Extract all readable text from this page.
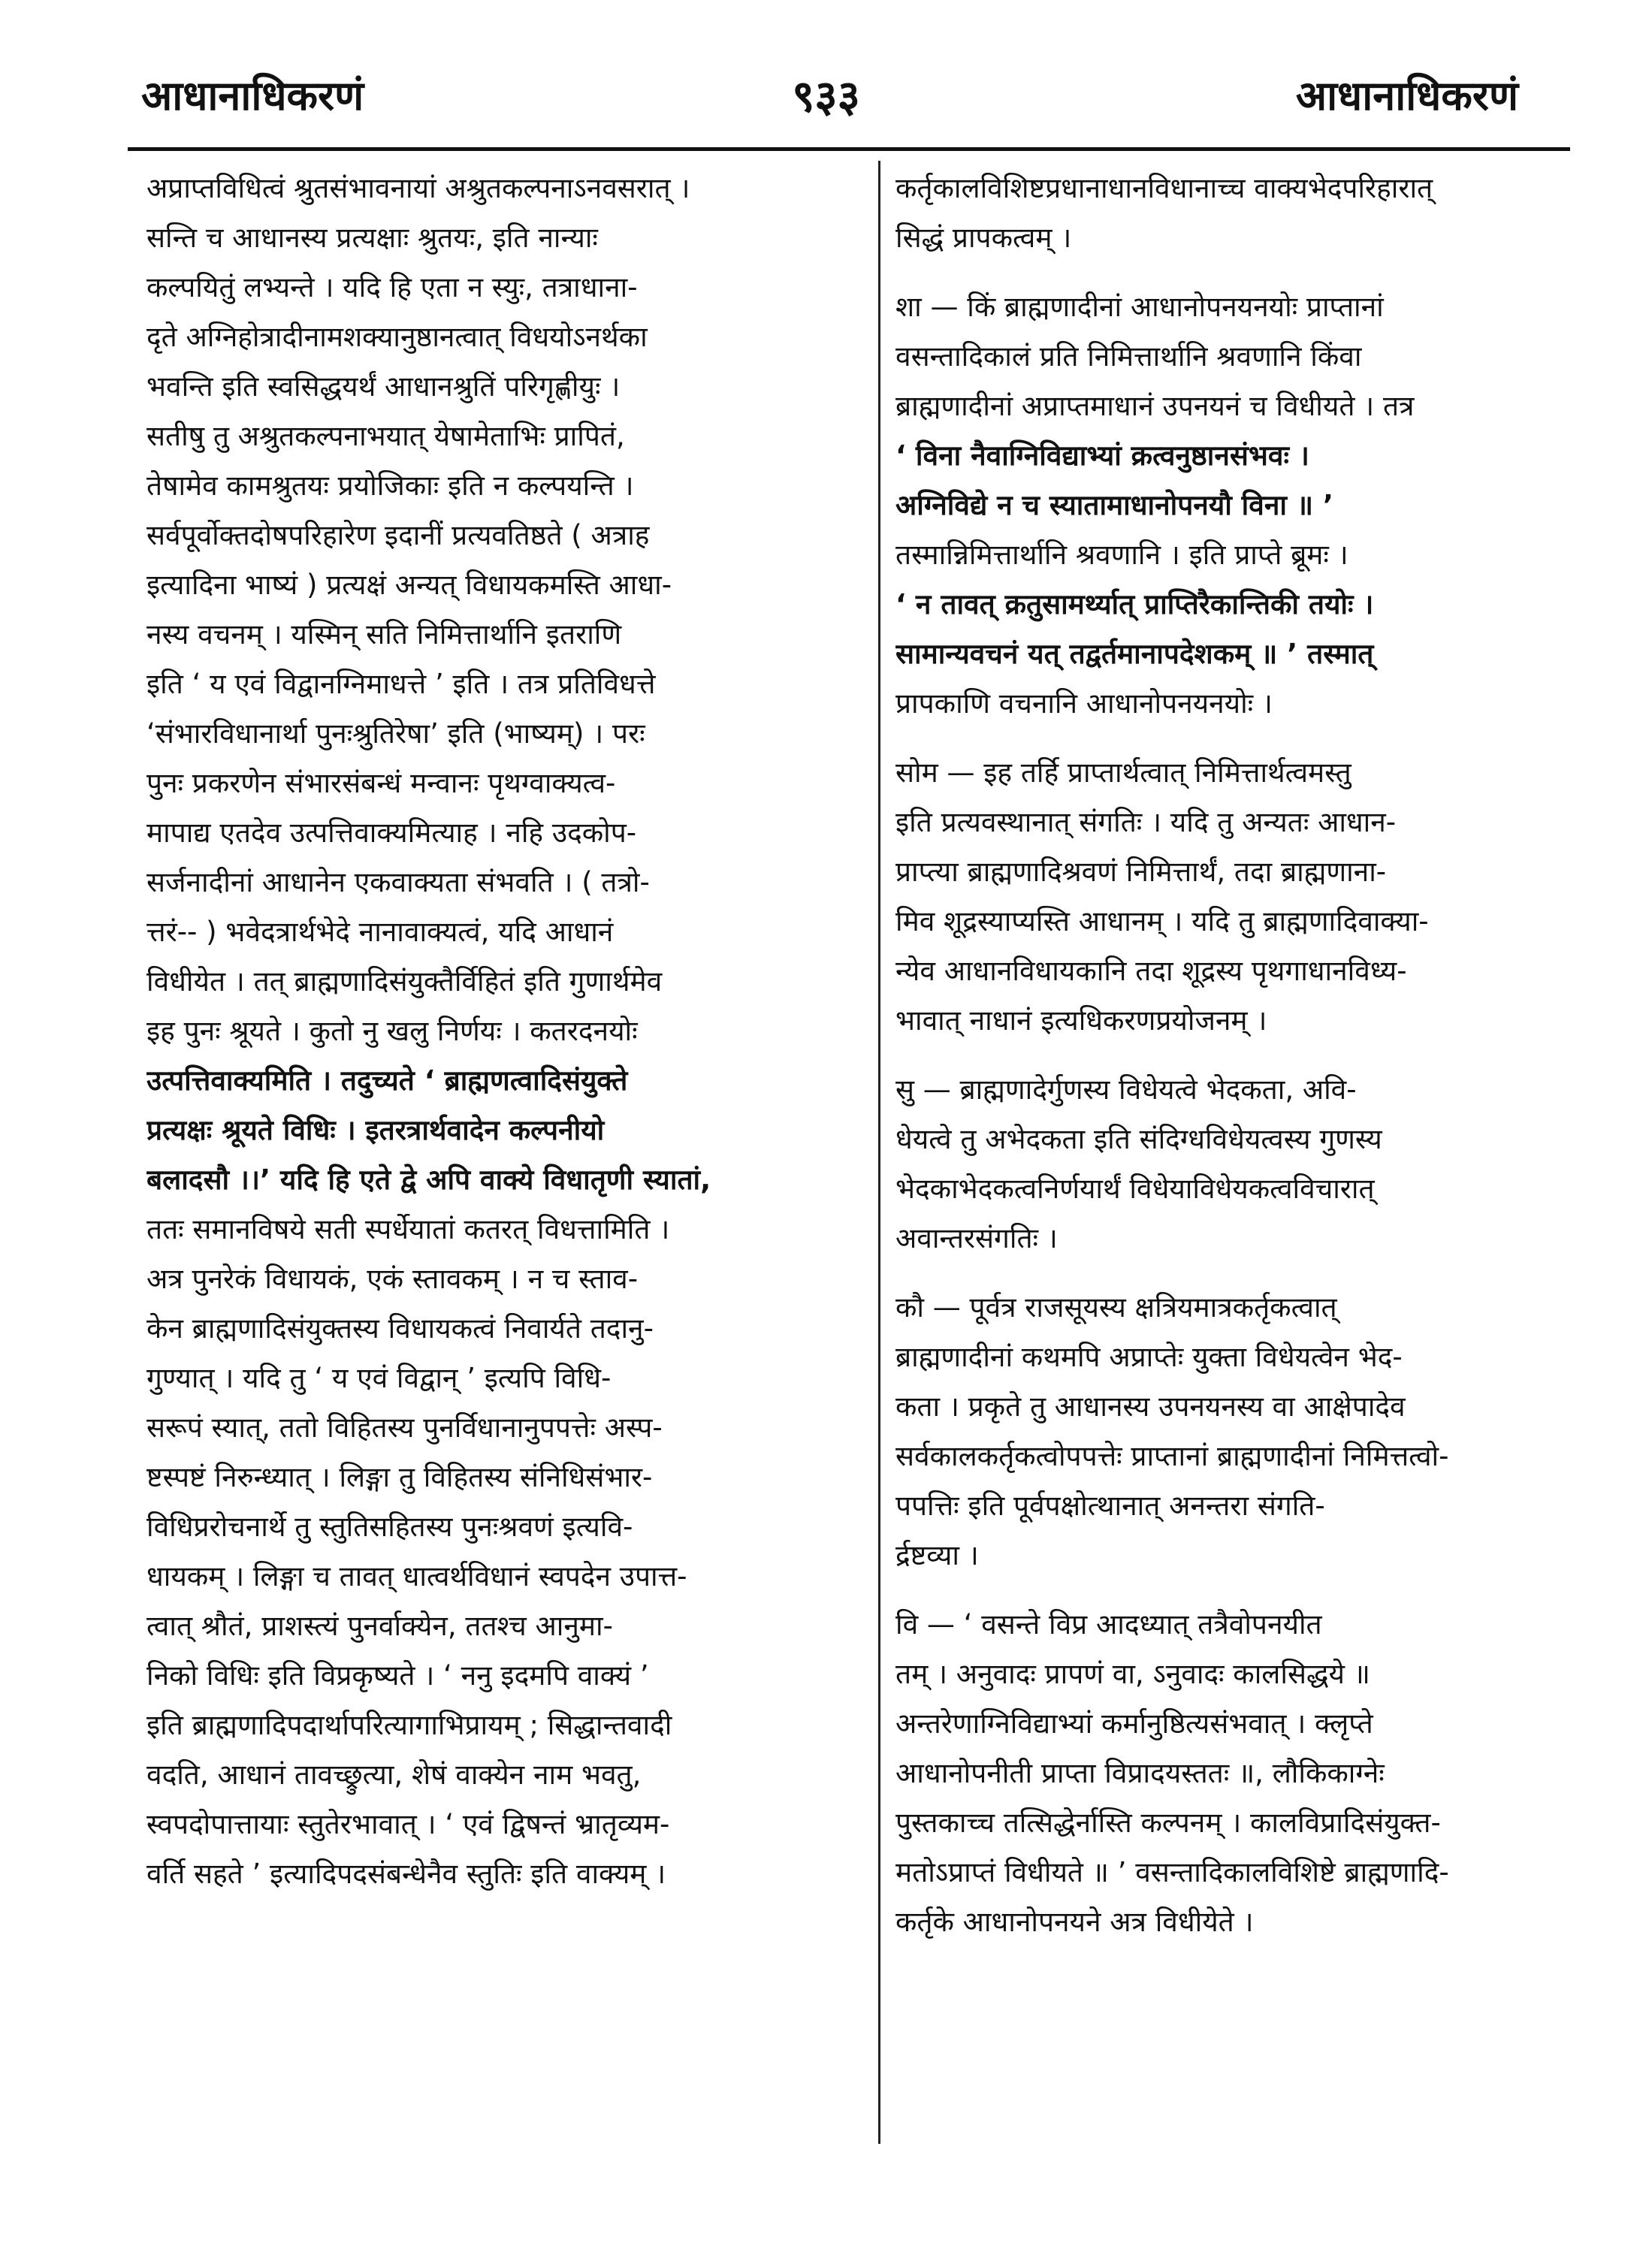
आधानाधिकरणं	९३३	आधानाधिकरणं
अप्राप्तविधित्वं श्रुतसंभावनायां अश्रुतकल्पनाऽनवसरात् ।
सन्ति च आधानस्य प्रत्यक्षाः श्रुतयः, इति नान्याः
कल्पयितुं लभ्यन्ते । यदि हि एता न स्युः, तत्राधाना-
दृते अग्निहोत्रादीनामशक्यानुष्ठानत्वात् विधयोऽनर्थका
भवन्ति इति स्वसिद्धयर्थं आधानश्रुतिं परिगृह्णीयुः ।
सतीषु तु अश्रुतकल्पनाभयात् येषामेताभिः प्रापितं,
तेषामेव कामश्रुतयः प्रयोजिकाः इति न कल्पयन्ति ।
सर्वपूर्वोक्तदोषपरिहारेण इदानीं प्रत्यवतिष्ठते ( अत्राह
इत्यादिना भाष्यं ) प्रत्यक्षं अन्यत् विधायकमस्ति आधा-
नस्य वचनम् । यस्मिन् सति निमित्तार्थानि इतराणि
इति ‘ य एवं विद्वानग्निमाधत्ते ’ इति । तत्र प्रतिविधत्ते
‘संभारविधानार्था पुनःश्रुतिरेषा’ इति (भाष्यम्) । परः
पुनः प्रकरणेन संभारसंबन्धं मन्वानः पृथग्वाक्यत्व-
मापाद्य एतदेव उत्पत्तिवाक्यमित्याह । नहि उदकोप-
सर्जनादीनां आधानेन एकवाक्यता संभवति । ( तत्रो-
त्तरं-- ) भवेदत्रार्थभेदे नानावाक्यत्वं, यदि आधानं
विधीयेत । तत् ब्राह्मणादिसंयुक्तैर्विहितं इति गुणार्थमेव
इह पुनः श्रूयते । कुतो नु खलु निर्णयः । कतरदनयोः
उत्पत्तिवाक्यमिति । तदुच्यते ‘ ब्राह्मणत्वादिसंयुक्ते
प्रत्यक्षः श्रूयते विधिः । इतरत्रार्थवादेन कल्पनीयो
बलादसौ ।।’ यदि हि एते द्वे अपि वाक्ये विधातृणी स्यातां,
ततः समानविषये सती स्पर्धेयातां कतरत् विधत्तामिति ।
अत्र पुनरेकं विधायकं, एकं स्तावकम् । न च स्ताव-
केन ब्राह्मणादिसंयुक्तस्य विधायकत्वं निवार्यते तदानु-
गुण्यात् । यदि तु ‘ य एवं विद्वान् ’ इत्यपि विधि-
सरूपं स्यात्, ततो विहितस्य पुनर्विधानानुपपत्तेः अस्प-
ष्टस्पष्टं निरुन्ध्यात् । लिङ्गा तु विहितस्य संनिधिसंभार-
विधिप्ररोचनार्थे तु स्तुतिसहितस्य पुनःश्रवणं इत्यवि-
धायकम् । लिङ्गा च तावत् धात्वर्थविधानं स्वपदेन उपात्त-
त्वात् श्रौतं, प्राशस्त्यं पुनर्वाक्येन, ततश्च आनुमा-
निको विधिः इति विप्रकृष्यते । ‘ ननु इदमपि वाक्यं ’
इति ब्राह्मणादिपदार्थापरित्यागाभिप्रायम् ; सिद्धान्तवादी
वदति, आधानं तावच्छ्रुत्या, शेषं वाक्येन नाम भवतु,
स्वपदोपात्तायाः स्तुतेरभावात् । ‘ एवं द्विषन्तं भ्रातृव्यम-
वर्ति सहते ’ इत्यादिपदसंबन्धेनैव स्तुतिः इति वाक्यम् ।
कर्तृकालविशिष्टप्रधानाधानविधानाच्च वाक्यभेदपरिहारात्
सिद्धं प्रापकत्वम् ।
शा — किं ब्राह्मणादीनां आधानोपनयनयोः प्राप्तानां
वसन्तादिकालं प्रति निमित्तार्थानि श्रवणानि किंवा
ब्राह्मणादीनां अप्राप्तमाधानं उपनयनं च विधीयते । तत्र
‘ विना नैवाग्निविद्याभ्यां क्रत्वनुष्ठानसंभवः ।
अग्निविद्ये न च स्यातामाधानोपनयौ विना ॥ ’
तस्मान्निमित्तार्थानि श्रवणानि । इति प्राप्ते ब्रूमः ।
‘ न तावत् क्रतुसामर्थ्यात् प्राप्तिरैकान्तिकी तयोः ।
सामान्यवचनं यत् तद्वर्तमानापदेशकम् ॥ ’ तस्मात्
प्रापकाणि वचनानि आधानोपनयनयोः ।
सोम — इह तर्हि प्राप्तार्थत्वात् निमित्तार्थत्वमस्तु
इति प्रत्यवस्थानात् संगतिः । यदि तु अन्यतः आधान-
प्राप्त्या ब्राह्मणादिश्रवणं निमित्तार्थं, तदा ब्राह्मणाना-
मिव शूद्रस्याप्यस्ति आधानम् । यदि तु ब्राह्मणादिवाक्या-
न्येव आधानविधायकानि तदा शूद्रस्य पृथगाधानविध्य-
भावात् नाधानं इत्यधिकरणप्रयोजनम् ।
सु — ब्राह्मणादेर्गुणस्य विधेयत्वे भेदकता, अवि-
धेयत्वे तु अभेदकता इति संदिग्धविधेयत्वस्य गुणस्य
भेदकाभेदकत्वनिर्णयार्थं विधेयाविधेयकत्वविचारात्
अवान्तरसंगतिः ।
कौ — पूर्वत्र राजसूयस्य क्षत्रियमात्रकर्तृकत्वात्
ब्राह्मणादीनां कथमपि अप्राप्तेः युक्ता विधेयत्वेन भेद-
कता । प्रकृते तु आधानस्य उपनयनस्य वा आक्षेपादेव
सर्वकालकर्तृकत्वोपपत्तेः प्राप्तानां ब्राह्मणादीनां निमित्तत्वो-
पपत्तिः इति पूर्वपक्षोत्थानात् अनन्तरा संगति-
र्द्रष्टव्या ।
वि — ‘ वसन्ते विप्र आदध्यात् तत्रैवोपनयीत
तम् । अनुवादः प्रापणं वा, ऽनुवादः कालसिद्धये ॥
अन्तरेणाग्निविद्याभ्यां कर्मानुष्ठित्यसंभवात् । क्लृप्ते
आधानोपनीती प्राप्ता विप्रादयस्ततः ॥, लौकिकाग्नेः
पुस्तकाच्च तत्सिद्धेर्नास्ति कल्पनम् । कालविप्रादिसंयुक्त-
मतोऽप्राप्तं विधीयते ॥ ’ वसन्तादिकालविशिष्टे ब्राह्मणादि-
कर्तृके आधानोपनयने अत्र विधीयेते ।
